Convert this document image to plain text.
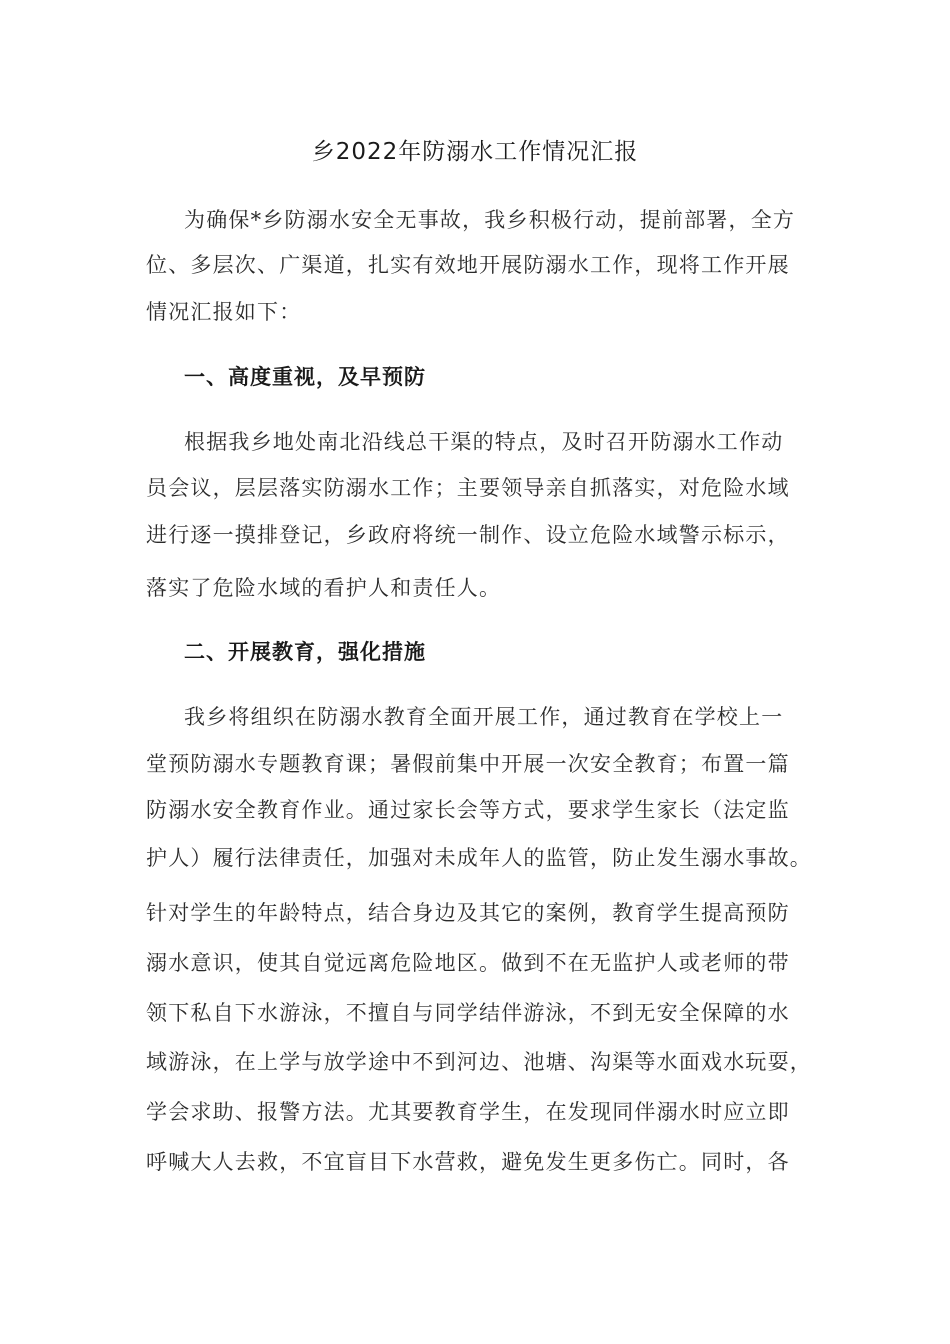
乡2022年防溺水工作情况汇报
为确保*乡防溺水安全无事故，我乡积极行动，提前部署，全方
位、多层次、广渠道，扎实有效地开展防溺水工作，现将工作开展
情况汇报如下：
一、高度重视，及早预防
根据我乡地处南北沿线总干渠的特点，及时召开防溺水工作动
员会议，层层落实防溺水工作；主要领导亲自抓落实，对危险水域
进行逐一摸排登记，乡政府将统一制作、设立危险水域警示标示，
落实了危险水域的看护人和责任人。
二、开展教育，强化措施
我乡将组织在防溺水教育全面开展工作，通过教育在学校上一
堂预防溺水专题教育课；暑假前集中开展一次安全教育；布置一篇
防溺水安全教育作业。通过家长会等方式，要求学生家长（法定监
护人）履行法律责任，加强对未成年人的监管，防止发生溺水事故。
针对学生的年龄特点，结合身边及其它的案例，教育学生提高预防
溺水意识，使其自觉远离危险地区。做到不在无监护人或老师的带
领下私自下水游泳，不擅自与同学结伴游泳，不到无安全保障的水
域游泳，在上学与放学途中不到河边、池塘、沟渠等水面戏水玩耍，
学会求助、报警方法。尤其要教育学生，在发现同伴溺水时应立即
呼喊大人去救，不宜盲目下水营救，避免发生更多伤亡。同时，各
